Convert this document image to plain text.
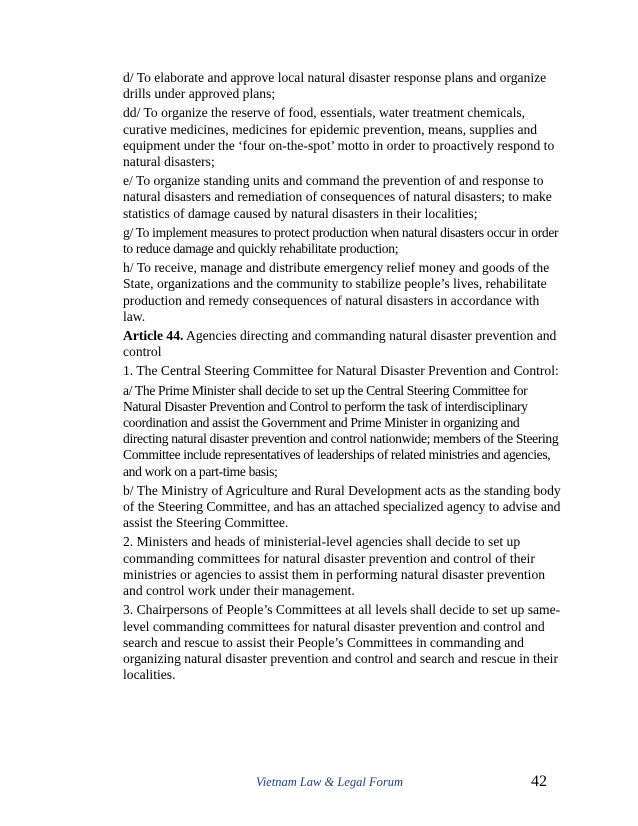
d/ To elaborate and approve local natural disaster response plans and organize drills under approved plans;

dd/ To organize the reserve of food, essentials, water treatment chemicals, curative medicines, medicines for epidemic prevention, means, supplies and equipment under the ‘four on-the-spot’ motto in order to proactively respond to natural disasters;

e/ To organize standing units and command the prevention of and response to natural disasters and remediation of consequences of natural disasters; to make statistics of damage caused by natural disasters in their localities;

g/ To implement measures to protect production when natural disasters occur in order to reduce damage and quickly rehabilitate production;

h/ To receive, manage and distribute emergency relief money and goods of the State, organizations and the community to stabilize people’s lives, rehabilitate production and remedy consequences of natural disasters in accordance with law.

Article 44. Agencies directing and commanding natural disaster prevention and control

1. The Central Steering Committee for Natural Disaster Prevention and Control:

a/ The Prime Minister shall decide to set up the Central Steering Committee for Natural Disaster Prevention and Control to perform the task of interdisciplinary coordination and assist the Government and Prime Minister in organizing and directing natural disaster prevention and control nationwide; members of the Steering Committee include representatives of leaderships of related ministries and agencies, and work on a part-time basis;

b/ The Ministry of Agriculture and Rural Development acts as the standing body of the Steering Committee, and has an attached specialized agency to advise and assist the Steering Committee.

2. Ministers and heads of ministerial-level agencies shall decide to set up commanding committees for natural disaster prevention and control of their ministries or agencies to assist them in performing natural disaster prevention and control work under their management.

3. Chairpersons of People’s Committees at all levels shall decide to set up same-level commanding committees for natural disaster prevention and control and search and rescue to assist their People’s Committees in commanding and organizing natural disaster prevention and control and search and rescue in their localities.

Vietnam Law & Legal Forum	42
